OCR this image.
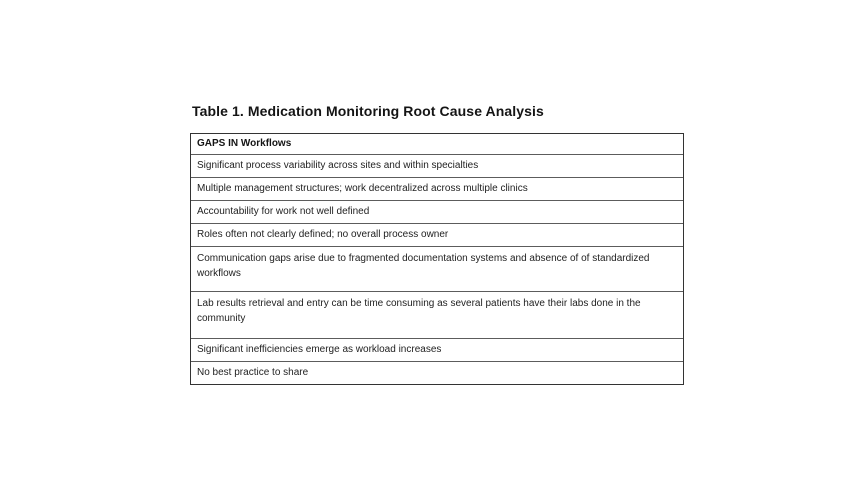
Table 1. Medication Monitoring Root Cause Analysis
GAPS IN Workflows
Significant process variability across sites and within specialties
Multiple management structures; work decentralized across multiple clinics
Accountability for work not well defined
Roles often not clearly defined; no overall process owner
Communication gaps arise due to fragmented documentation systems and absence of of standardized workflows
Lab results retrieval and entry can be time consuming as several patients have their labs done in the community
Significant inefficiencies emerge as workload increases
No best practice to share
